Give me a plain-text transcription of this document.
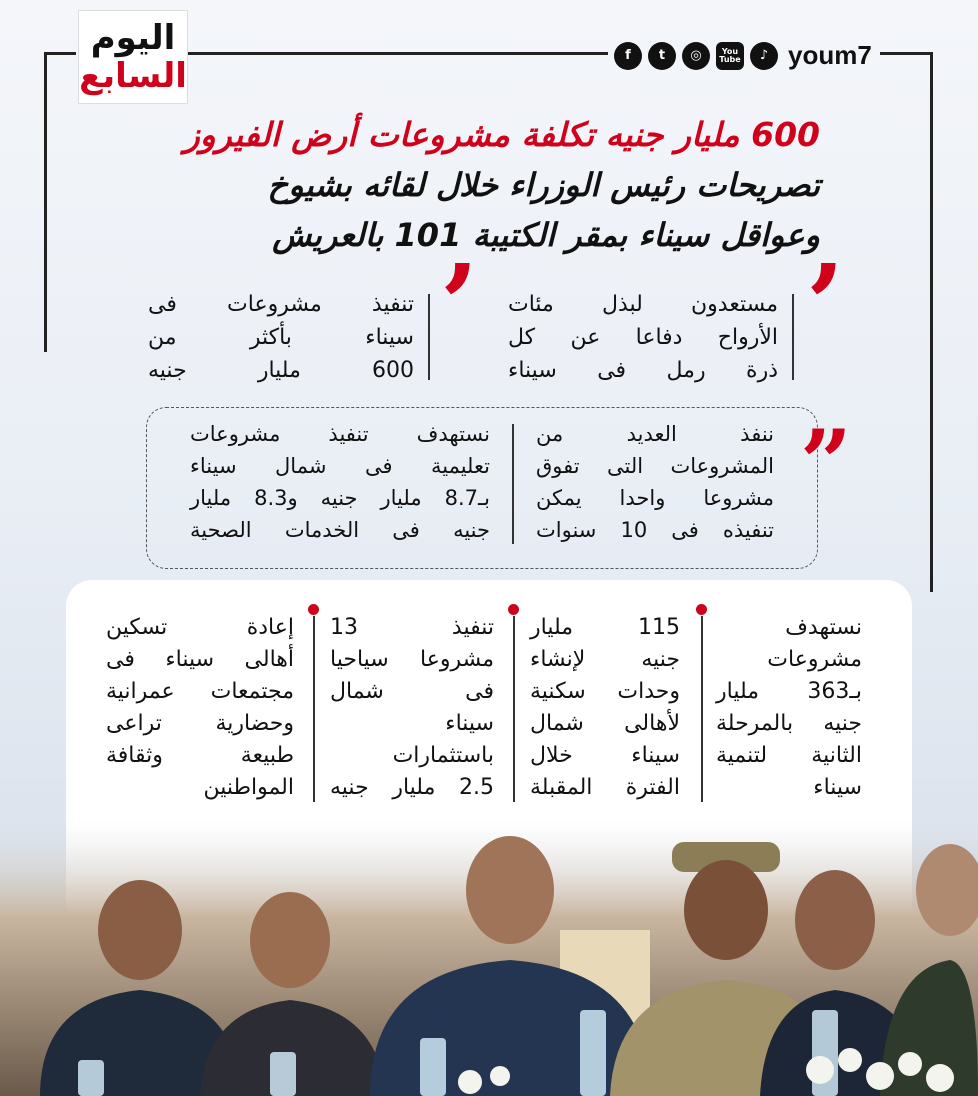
اليوم
السابع
f	t	◎	You Tube	♪ youm7
600 مليار جنيه تكلفة مشروعات أرض الفيروز
تصريحات رئيس الوزراء خلال لقائه بشيوخ
وعواقل سيناء بمقر الكتيبة 101 بالعريش
’
مستعدون لبذل مئات
الأرواح دفاعا عن كل
ذرة رمل فى سيناء
’
تنفيذ مشروعات فى
سيناء بأكثر من
600 مليار جنيه
”
ننفذ العديد من
المشروعات التى تفوق
مشروعا واحدا يمكن
تنفيذه فى 10 سنوات
نستهدف تنفيذ مشروعات
تعليمية فى شمال سيناء
بـ8.7 مليار جنيه و8.3 مليار
جنيه فى الخدمات الصحية
نستهدف
مشروعات
بـ363 مليار
جنيه بالمرحلة
الثانية لتنمية
سيناء
115 مليار
جنيه لإنشاء
وحدات سكنية
لأهالى شمال
سيناء خلال
الفترة المقبلة
تنفيذ 13
مشروعا سياحيا
فى شمال
سيناء
باستثمارات
2.5 مليار جنيه
إعادة تسكين
أهالى سيناء فى
مجتمعات عمرانية
وحضارية تراعى
طبيعة وثقافة
المواطنين
